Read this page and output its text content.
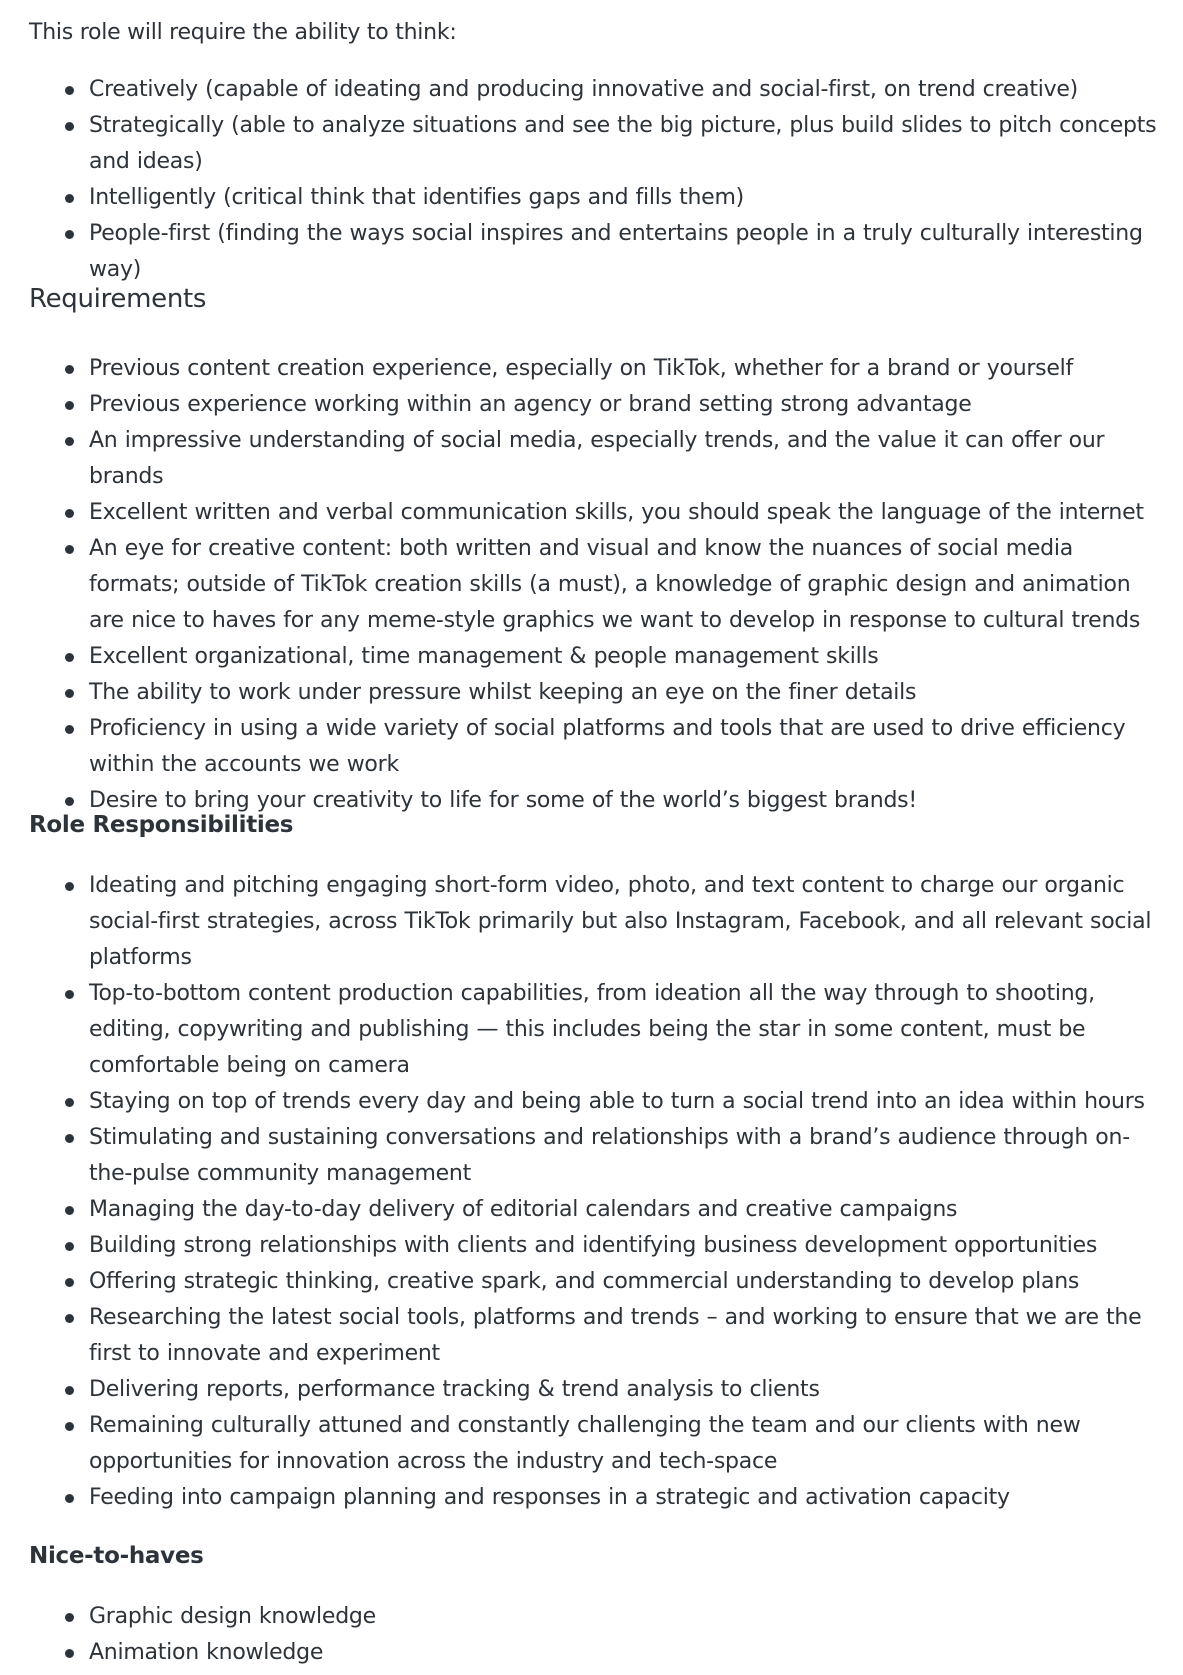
This role will require the ability to think:

Creatively (capable of ideating and producing innovative and social-first, on trend creative)
Strategically (able to analyze situations and see the big picture, plus build slides to pitch concepts and ideas)
Intelligently (critical think that identifies gaps and fills them)
People-first (finding the ways social inspires and entertains people in a truly culturally interesting way)
Requirements
Previous content creation experience, especially on TikTok, whether for a brand or yourself
Previous experience working within an agency or brand setting strong advantage
An impressive understanding of social media, especially trends, and the value it can offer our brands
Excellent written and verbal communication skills, you should speak the language of the internet
An eye for creative content: both written and visual and know the nuances of social media formats; outside of TikTok creation skills (a must), a knowledge of graphic design and animation are nice to haves for any meme-style graphics we want to develop in response to cultural trends
Excellent organizational, time management & people management skills
The ability to work under pressure whilst keeping an eye on the finer details
Proficiency in using a wide variety of social platforms and tools that are used to drive efficiency within the accounts we work
Desire to bring your creativity to life for some of the world’s biggest brands!
Role Responsibilities
Ideating and pitching engaging short-form video, photo, and text content to charge our organic social-first strategies, across TikTok primarily but also Instagram, Facebook, and all relevant social platforms
Top-to-bottom content production capabilities, from ideation all the way through to shooting, editing, copywriting and publishing — this includes being the star in some content, must be comfortable being on camera
Staying on top of trends every day and being able to turn a social trend into an idea within hours
Stimulating and sustaining conversations and relationships with a brand’s audience through on-the-pulse community management
Managing the day-to-day delivery of editorial calendars and creative campaigns
Building strong relationships with clients and identifying business development opportunities
Offering strategic thinking, creative spark, and commercial understanding to develop plans
Researching the latest social tools, platforms and trends – and working to ensure that we are the first to innovate and experiment
Delivering reports, performance tracking & trend analysis to clients
Remaining culturally attuned and constantly challenging the team and our clients with new opportunities for innovation across the industry and tech-space
Feeding into campaign planning and responses in a strategic and activation capacity
Nice-to-haves
Graphic design knowledge
Animation knowledge
